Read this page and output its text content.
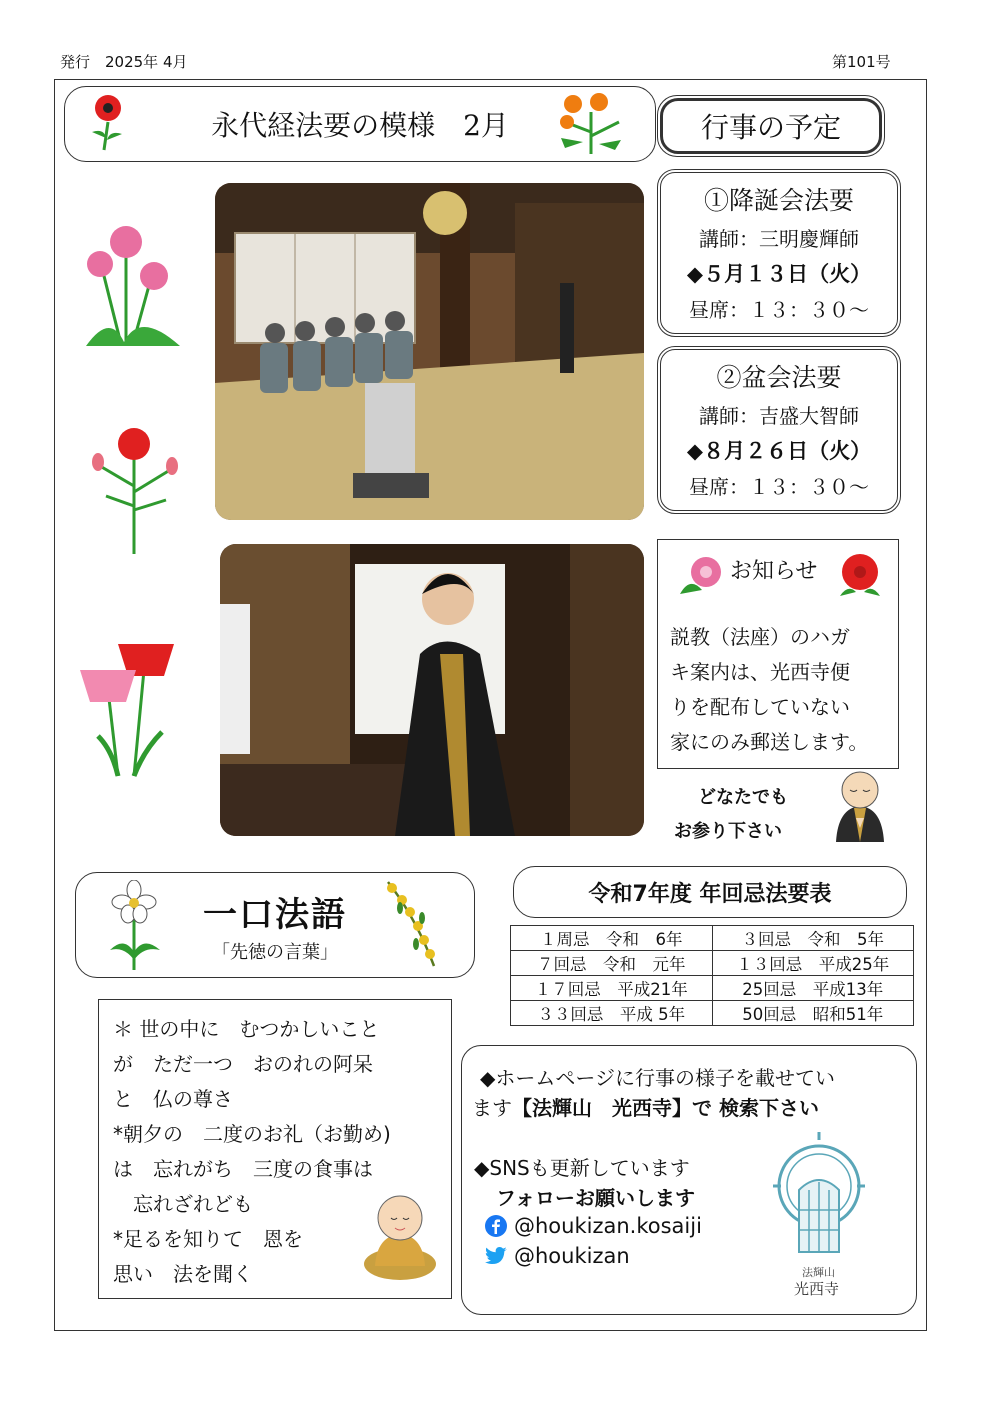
発行　2025年 4月	第101号
永代経法要の模様　2月	行事の予定
①降誕会法要
講師：三明慶輝師
◆５月１３日（火）
昼席：１３：３０～
②盆会法要
講師：吉盛大智師
◆８月２６日（火）
昼席：１３：３０～
お知らせ
説教（法座）のハガ
キ案内は、光西寺便
りを配布していない
家にのみ郵送します。
どなたでも
お参り下さい
一口法語
「先徳の言葉」
令和7年度 年回忌法要表
１周忌　令和　6年	３回忌　令和　5年
７回忌　令和　元年	１３回忌　平成25年
１７回忌　平成21年	25回忌　平成13年
３３回忌　平成 5年	50回忌　昭和51年
＊ 世の中に　むつかしいこと
が　ただ一つ　おのれの阿呆
と　仏の尊さ
*朝夕の　二度のお礼（お勤め)
は　忘れがち　三度の食事は
　忘れざれども
*足るを知りて　恩を
思い　法を聞く
◆ホームページに行事の様子を載せてい
ます【法輝山　光西寺】で 検索下さい
◆SNSも更新しています
フォローお願いします
@houkizan.kosaiji
@houkizan
法輝山
光西寺
